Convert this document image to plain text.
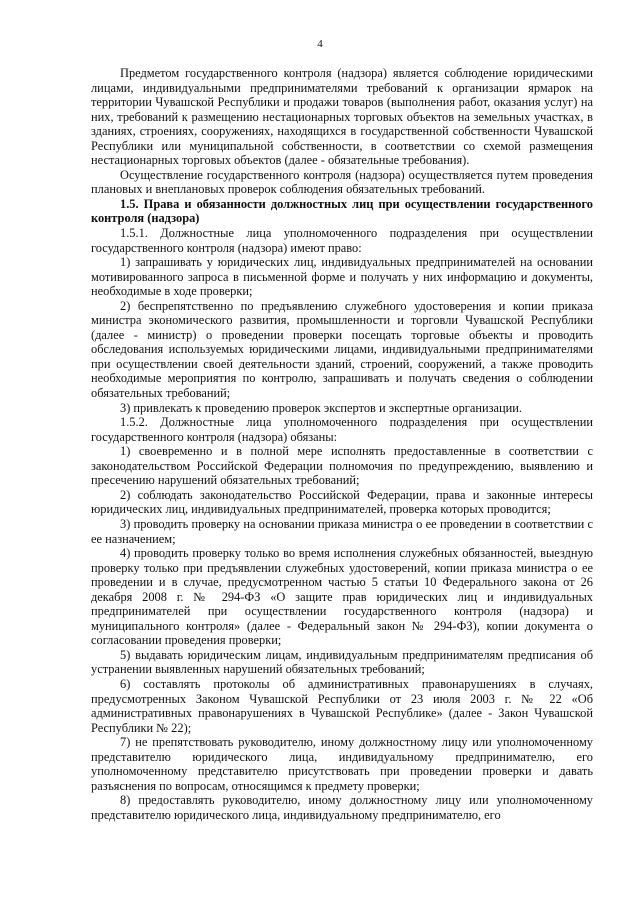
4

Предметом государственного контроля (надзора) является соблюдение юридическими лицами, индивидуальными предпринимателями требований к организации ярмарок на территории Чувашской Республики и продажи товаров (выполнения работ, оказания услуг) на них, требований к размещению нестационарных торговых объектов на земельных участках, в зданиях, строениях, сооружениях, находящихся в государственной собственности Чувашской Республики или муниципальной собственности, в соответствии со схемой размещения нестационарных торговых объектов (далее - обязательные требования).

Осуществление государственного контроля (надзора) осуществляется путем проведения плановых и внеплановых проверок соблюдения обязательных требований.

1.5. Права и обязанности должностных лиц при осуществлении государственного контроля (надзора)

1.5.1. Должностные лица уполномоченного подразделения при осуществлении государственного контроля (надзора) имеют право:

1) запрашивать у юридических лиц, индивидуальных предпринимателей на основании мотивированного запроса в письменной форме и получать у них информацию и документы, необходимые в ходе проверки;

2) беспрепятственно по предъявлению служебного удостоверения и копии приказа министра экономического развития, промышленности и торговли Чувашской Республики (далее - министр) о проведении проверки посещать торговые объекты и проводить обследования используемых юридическими лицами, индивидуальными предпринимателями при осуществлении своей деятельности зданий, строений, сооружений, а также проводить необходимые мероприятия по контролю, запрашивать и получать сведения о соблюдении обязательных требований;

3) привлекать к проведению проверок экспертов и экспертные организации.

1.5.2. Должностные лица уполномоченного подразделения при осуществлении государственного контроля (надзора) обязаны:

1) своевременно и в полной мере исполнять предоставленные в соответствии с законодательством Российской Федерации полномочия по предупреждению, выявлению и пресечению нарушений обязательных требований;

2) соблюдать законодательство Российской Федерации, права и законные интересы юридических лиц, индивидуальных предпринимателей, проверка которых проводится;

3) проводить проверку на основании приказа министра о ее проведении в соответствии с ее назначением;

4) проводить проверку только во время исполнения служебных обязанностей, выездную проверку только при предъявлении служебных удостоверений, копии приказа министра о ее проведении и в случае, предусмотренном частью 5 статьи 10 Федерального закона от 26 декабря 2008 г. № 294-ФЗ «О защите прав юридических лиц и индивидуальных предпринимателей при осуществлении государственного контроля (надзора) и муниципального контроля» (далее - Федеральный закон № 294-ФЗ), копии документа о согласовании проведения проверки;

5) выдавать юридическим лицам, индивидуальным предпринимателям предписания об устранении выявленных нарушений обязательных требований;

6) составлять протоколы об административных правонарушениях в случаях, предусмотренных Законом Чувашской Республики от 23 июля 2003 г. № 22 «Об административных правонарушениях в Чувашской Республике» (далее - Закон Чувашской Республики № 22);

7) не препятствовать руководителю, иному должностному лицу или уполномоченному представителю юридического лица, индивидуальному предпринимателю, его уполномоченному представителю присутствовать при проведении проверки и давать разъяснения по вопросам, относящимся к предмету проверки;

8) предоставлять руководителю, иному должностному лицу или уполномоченному представителю юридического лица, индивидуальному предпринимателю, его
